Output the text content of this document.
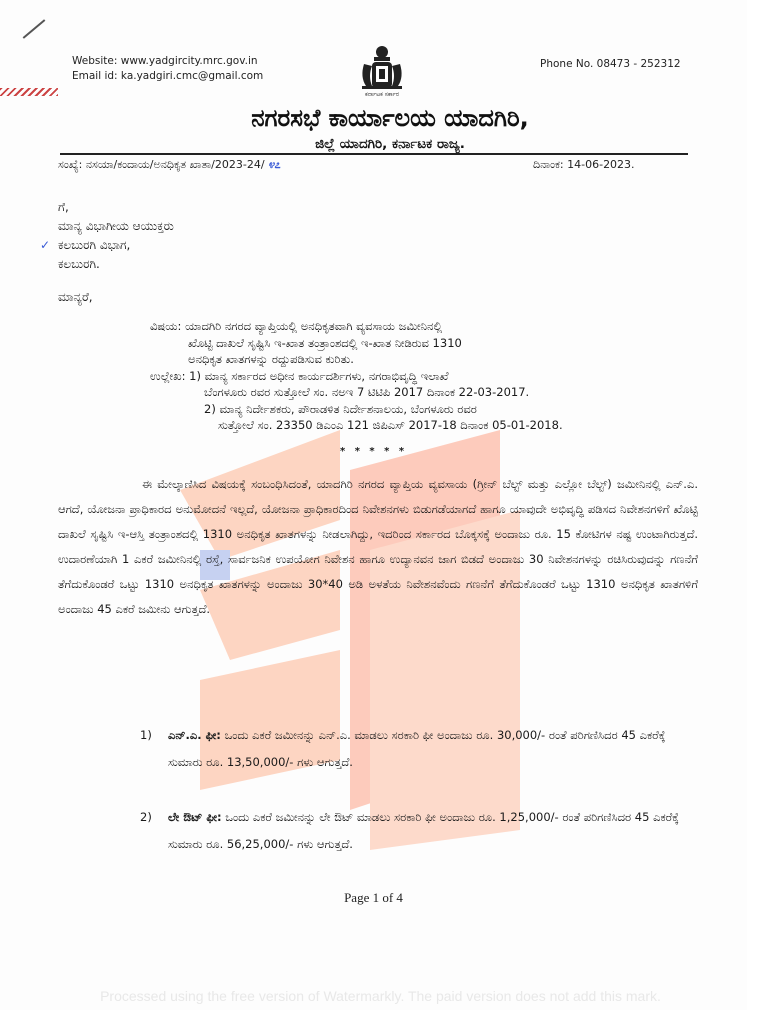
Website: www.yadgircity.mrc.gov.in
Email id: ka.yadgiri.cmc@gmail.com
ಕರ್ನಾಟಕ ಸರ್ಕಾರ
Phone No. 08473 - 252312
ನಗರಸಭೆ ಕಾರ್ಯಾಲಯ ಯಾದಗಿರಿ,
ಜಿಲ್ಲೆ ಯಾದಗಿರಿ, ಕರ್ನಾಟಕ ರಾಜ್ಯ.
ಸಂಖ್ಯೆ: ನಸಯಾ/ಕಂದಾಯ/ಅನಧಿಕೃತ ಖಾತಾ/2023-24/ ೪೭	ದಿನಾಂಕ: 14-06-2023.
ಗೆ,
ಮಾನ್ಯ ವಿಭಾಗೀಯ ಆಯುಕ್ತರು
ಕಲಬುರಗಿ ವಿಭಾಗ,
ಕಲಬುರಗಿ.
✓
ಮಾನ್ಯರೆ,
ವಿಷಯ: ಯಾದಗಿರಿ ನಗರದ ವ್ಯಾಪ್ತಿಯಲ್ಲಿ ಅನಧಿಕೃತವಾಗಿ ವ್ಯವಸಾಯ ಜಮೀನಿನಲ್ಲಿ
ಖೊಟ್ಟಿ ದಾಖಲೆ ಸೃಷ್ಟಿಸಿ ಇ-ಖಾತ ತಂತ್ರಾಂಶದಲ್ಲಿ ಇ-ಖಾತ ನೀಡಿರುವ 1310
ಅನಧಿಕೃತ ಖಾತಗಳನ್ನು ರದ್ದುಪಡಿಸುವ ಕುರಿತು.
ಉಲ್ಲೇಖ: 1) ಮಾನ್ಯ ಸರ್ಕಾರದ ಅಧೀನ ಕಾರ್ಯದರ್ಶಿಗಳು, ನಗರಾಭಿವೃದ್ಧಿ ಇಲಾಖೆ
ಬೆಂಗಳೂರು ರವರ ಸುತ್ತೋಲೆ ಸಂ. ನಅಇ 7 ಟಿಟಿಪಿ 2017 ದಿನಾಂಕ 22-03-2017.
2) ಮಾನ್ಯ ನಿರ್ದೇಶಕರು, ಪೌರಾಡಳಿತ ನಿರ್ದೇಶನಾಲಯ, ಬೆಂಗಳೂರು ರವರ
ಸುತ್ತೋಲೆ ಸಂ. 23350 ಡಿಎಂಎ 121 ಜಿಪಿಎಸ್ 2017-18 ದಿನಾಂಕ 05-01-2018.
* * * * *
ಈ ಮೇಲ್ಕಾಣಿಸಿದ ವಿಷಯಕ್ಕೆ ಸಂಬಂಧಿಸಿದಂತೆ, ಯಾದಗಿರಿ ನಗರದ ವ್ಯಾಪ್ತಿಯ ವ್ಯವಸಾಯ (ಗ್ರೀನ್ ಬೆಲ್ಟ್ ಮತ್ತು ಎಲ್ಲೋ ಬೆಲ್ಟ್) ಜಮೀನಿನಲ್ಲಿ ಎನ್.ಎ. ಆಗದೆ, ಯೋಜನಾ ಪ್ರಾಧಿಕಾರದ ಅನುಮೋದನೆ ಇಲ್ಲದೆ, ಯೋಜನಾ ಪ್ರಾಧಿಕಾರದಿಂದ ನಿವೇಶನಗಳು ಬಿಡುಗಡೆಯಾಗದೆ ಹಾಗೂ ಯಾವುದೇ ಅಭಿವೃದ್ಧಿ ಪಡಿಸದ ನಿವೇಶನಗಳಿಗೆ ಖೊಟ್ಟಿ ದಾಖಲೆ ಸೃಷ್ಟಿಸಿ ಇ-ಆಸ್ತಿ ತಂತ್ರಾಂಶದಲ್ಲಿ 1310 ಅನಧಿಕೃತ ಖಾತಗಳನ್ನು ನೀಡಲಾಗಿದ್ದು, ಇದರಿಂದ ಸರ್ಕಾರದ ಬೊಕ್ಕಸಕ್ಕೆ ಅಂದಾಜು ರೂ. 15 ಕೋಟಿಗಳ ನಷ್ಟ ಉಂಟಾಗಿರುತ್ತದೆ. ಉದಾರಣೆಯಾಗಿ 1 ಎಕರೆ ಜಮೀನಿನಲ್ಲಿ ರಸ್ತೆ, ಸಾರ್ವಜನಿಕ ಉಪಯೋಗ ನಿವೇಶನ ಹಾಗೂ ಉದ್ಯಾನವನ ಜಾಗ ಬಿಡದೆ ಅಂದಾಜು 30 ನಿವೇಶನಗಳನ್ನು ರಚಿಸಿರುವುದನ್ನು ಗಣನೆಗೆ ತೆಗೆದುಕೊಂಡರೆ ಒಟ್ಟು 1310 ಅನಧಿಕೃತ ಖಾತಗಳನ್ನು ಅಂದಾಜು 30*40 ಅಡಿ ಅಳತೆಯ ನಿವೇಶನವೆಂದು ಗಣನೆಗೆ ತೆಗೆದುಕೊಂಡರೆ ಒಟ್ಟು 1310 ಅನಧಿಕೃತ ಖಾತಗಳಿಗೆ ಅಂದಾಜು 45 ಎಕರೆ ಜಮೀನು ಆಗುತ್ತದೆ.
1) ಎನ್.ಎ. ಫೀ: ಒಂದು ಎಕರೆ ಜಮೀನನ್ನು ಎನ್.ಎ. ಮಾಡಲು ಸರಕಾರಿ ಫೀ ಅಂದಾಜು ರೂ. 30,000/- ರಂತೆ ಪರಿಗಣಿಸಿದರ 45 ಎಕರೆಕ್ಕೆ ಸುಮಾರು ರೂ. 13,50,000/- ಗಳು ಆಗುತ್ತದೆ.
2) ಲೇ ಔಟ್ ಫೀ: ಒಂದು ಎಕರೆ ಜಮೀನನ್ನು ಲೇ ಔಟ್ ಮಾಡಲು ಸರಕಾರಿ ಫೀ ಅಂದಾಜು ರೂ. 1,25,000/- ರಂತೆ ಪರಿಗಣಿಸಿದರ 45 ಎಕರೆಕ್ಕೆ ಸುಮಾರು ರೂ. 56,25,000/- ಗಳು ಆಗುತ್ತದೆ.
Page 1 of 4
Processed using the free version of Watermarkly. The paid version does not add this mark.
